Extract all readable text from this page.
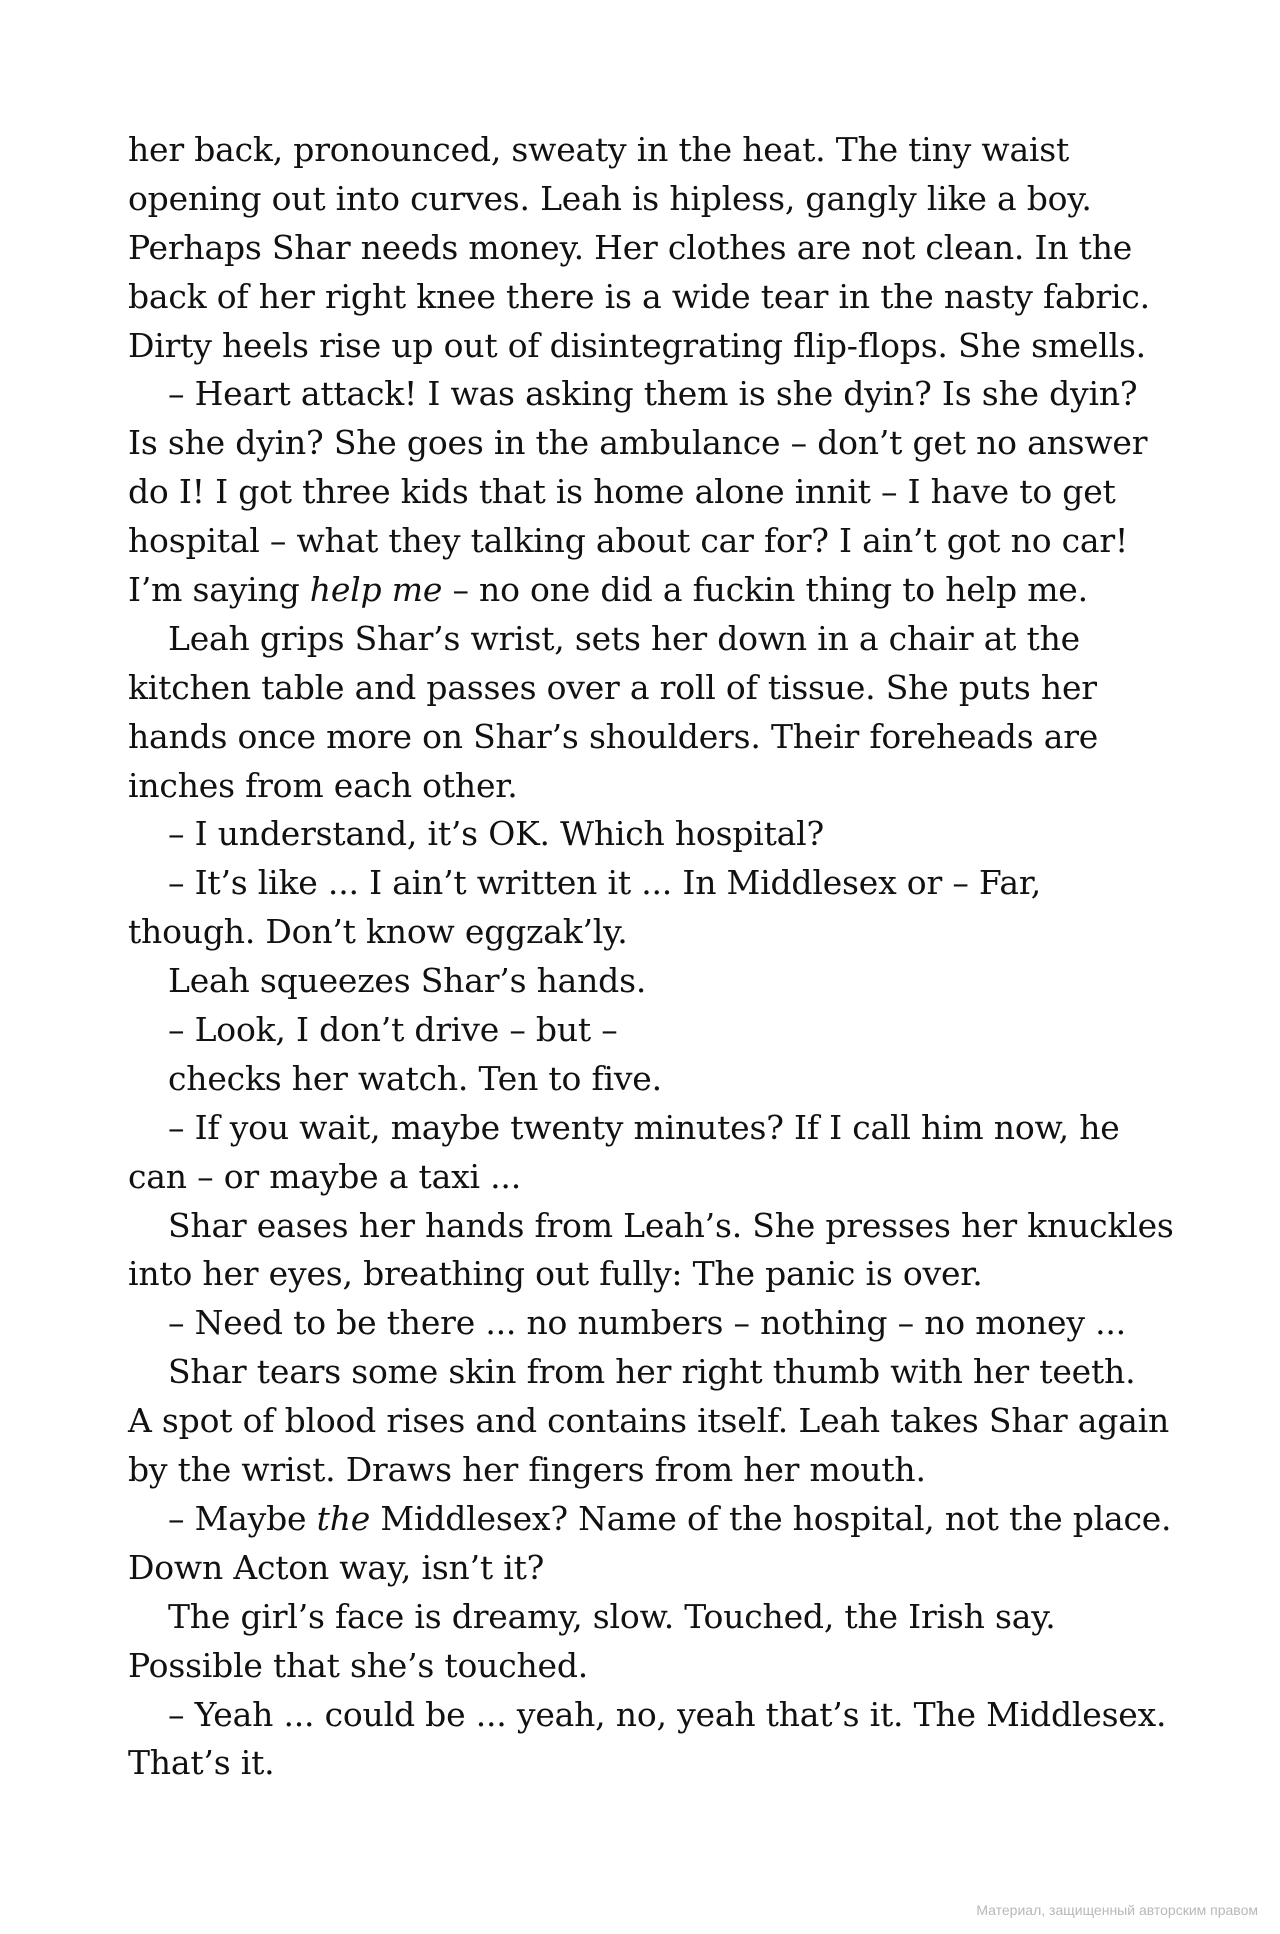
her back, pronounced, sweaty in the heat. The tiny waist
opening out into curves. Leah is hipless, gangly like a boy.
Perhaps Shar needs money. Her clothes are not clean. In the
back of her right knee there is a wide tear in the nasty fabric.
Dirty heels rise up out of disintegrating flip-flops. She smells.
– Heart attack! I was asking them is she dyin? Is she dyin?
Is she dyin? She goes in the ambulance – don’t get no answer
do I! I got three kids that is home alone innit – I have to get
hospital – what they talking about car for? I ain’t got no car!
I’m saying help me – no one did a fuckin thing to help me.
Leah grips Shar’s wrist, sets her down in a chair at the
kitchen table and passes over a roll of tissue. She puts her
hands once more on Shar’s shoulders. Their foreheads are
inches from each other.
– I understand, it’s OK. Which hospital?
– It’s like ... I ain’t written it ... In Middlesex or – Far,
though. Don’t know eggzak’ly.
Leah squeezes Shar’s hands.
– Look, I don’t drive – but –
checks her watch. Ten to five.
– If you wait, maybe twenty minutes? If I call him now, he
can – or maybe a taxi ...
Shar eases her hands from Leah’s. She presses her knuckles
into her eyes, breathing out fully: The panic is over.
– Need to be there ... no numbers – nothing – no money ...
Shar tears some skin from her right thumb with her teeth.
A spot of blood rises and contains itself. Leah takes Shar again
by the wrist. Draws her fingers from her mouth.
– Maybe the Middlesex? Name of the hospital, not the place.
Down Acton way, isn’t it?
The girl’s face is dreamy, slow. Touched, the Irish say.
Possible that she’s touched.
– Yeah ... could be ... yeah, no, yeah that’s it. The Middlesex.
That’s it.
Материал, защищенный авторским правом
